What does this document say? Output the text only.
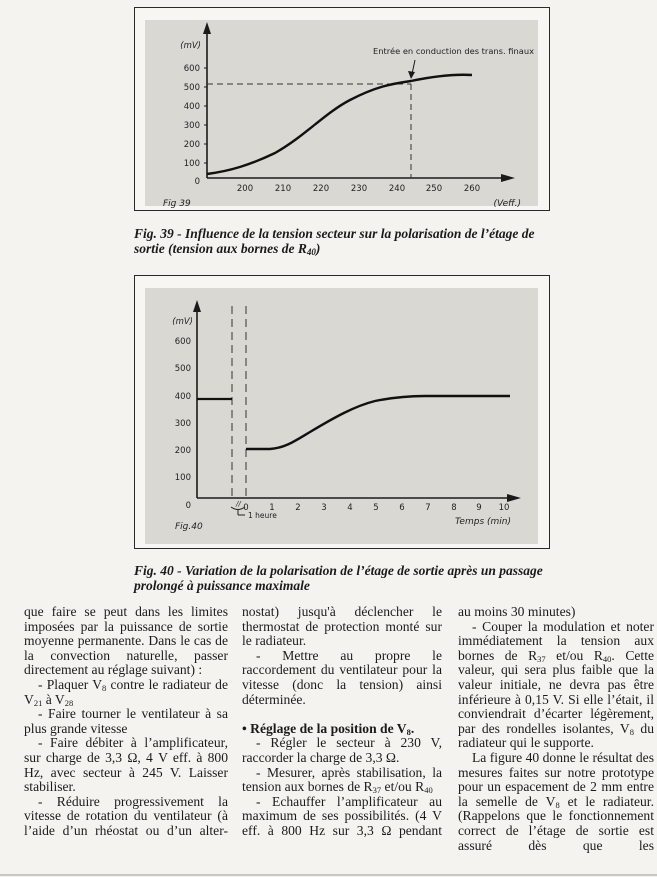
(mV)
600
500
400
300
200
100
0
200	210	220	230	240 250	260
Entrée en conduction des trans. finaux
Fig 39	(Veff.)
Fig. 39 - Influence de la tension secteur sur la polarisation de l’étage de sortie (tension aux bornes de $R_{40}$)
(mV)
600
500
400
300
200
100
0	//
1 heure
0 1 2 3 4 5 6 7 8 9 10
Temps (min)
Fig.40
Fig. 40 - Variation de la polarisation de l’étage de sortie après un passage prolongé à puissance maximale

que faire se peut dans les limites imposées par la puissance de sortie moyenne permanente. Dans le cas de la convection naturelle, passer directement au réglage suivant) :

- Plaquer $V_8$ contre le radiateur de $V_{21}$ à $V_{28}$

- Faire tourner le ventilateur à sa plus grande vitesse

- Faire débiter à l’amplificateur, sur charge de 3,3 Ω, 4 V eff. à 800 Hz, avec secteur à 245 V. Laisser stabiliser.

- Réduire progressivement la vitesse de rotation du ventilateur (à l’aide d’un rhéostat ou d’un alter-

nostat) jusqu'à déclencher le thermostat de protection monté sur le radiateur.

- Mettre au propre le raccordement du ventilateur pour la vitesse (donc la tension) ainsi déterminée.

• Réglage de la position de $V_8$.

- Régler le secteur à 230 V, raccorder la charge de 3,3 Ω.

- Mesurer, après stabilisation, la tension aux bornes de $R_{37}$ et/ou $R_{40}$

- Echauffer l’amplificateur au maximum de ses possibilités. (4 V eff. à 800 Hz sur 3,3 Ω pendant

au moins 30 minutes)

- Couper la modulation et noter immédiatement la tension aux bornes de $R_{37}$ et/ou $R_{40}$. Cette valeur, qui sera plus faible que la valeur initiale, ne devra pas être inférieure à 0,15 V. Si elle l’était, il conviendrait d’écarter légèrement, par des rondelles isolantes, $V_8$ du radiateur qui le supporte.

La figure 40 donne le résultat des mesures faites sur notre prototype pour un espacement de 2 mm entre la semelle de $V_8$ et le radiateur. (Rappelons que le fonctionnement correct de l’étage de sortie est assuré dès que les
